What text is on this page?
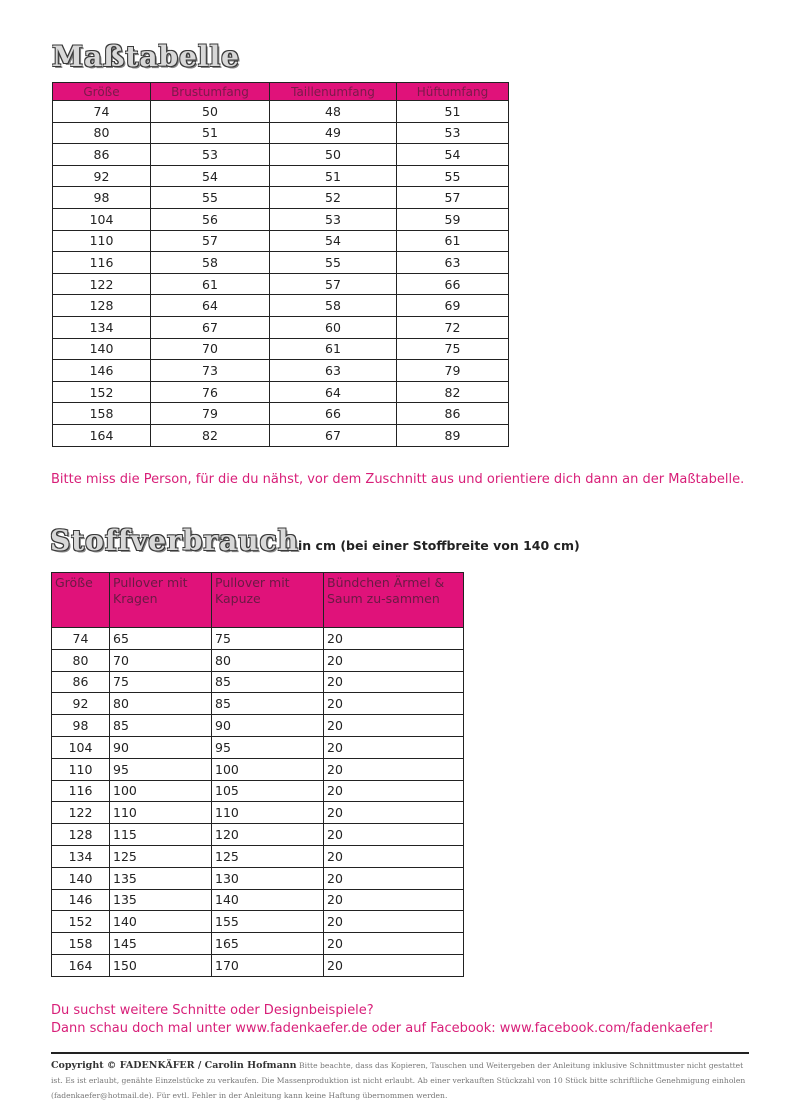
Maßtabelle
Größe	Brustumfang	Taillenumfang	Hüftumfang
74	50	48	51
80	51	49	53
86	53	50	54
92	54	51	55
98	55	52	57
104	56	53	59
110	57	54	61
116	58	55	63
122	61	57	66
128	64	58	69
134	67	60	72
140	70	61	75
146	73	63	79
152	76	64	82
158	79	66	86
164	82	67	89
Bitte miss die Person, für die du nähst, vor dem Zuschnitt aus und orientiere dich dann an der Maßtabelle.
Stoffverbrauch in cm (bei einer Stoffbreite von 140 cm)
Größe	Pullover mit Kragen	Pullover mit Kapuze	Bündchen Ärmel & Saum zu-sammen
74	65	75	20
80	70	80	20
86	75	85	20
92	80	85	20
98	85	90	20
104	90	95	20
110	95	100	20
116	100	105	20
122	110	110	20
128	115	120	20
134	125	125	20
140	135	130	20
146	135	140	20
152	140	155	20
158	145	165	20
164	150	170	20
Du suchst weitere Schnitte oder Designbeispiele?
Dann schau doch mal unter www.fadenkaefer.de oder auf Facebook: www.facebook.com/fadenkaefer!
Copyright © FADENKÄFER / Carolin Hofmann Bitte beachte, dass das Kopieren, Tauschen und Weitergeben der Anleitung inklusive Schnittmuster nicht gestattet ist. Es ist erlaubt, genähte Einzelstücke zu verkaufen. Die Massenproduktion ist nicht erlaubt. Ab einer verkauften Stückzahl von 10 Stück bitte schriftliche Genehmigung einholen (fadenkaefer@hotmail.de). Für evtl. Fehler in der Anleitung kann keine Haftung übernommen werden.
